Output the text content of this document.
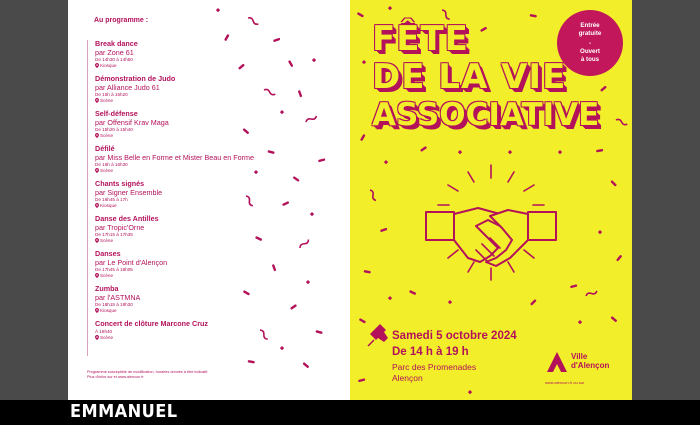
Au programme :
Break dance
par Zone 61
De 14h30 à 14h50
Kiosque
Démonstration de Judo
par Alliance Judo 61
De 15h à 15h20
Scène
Self-défense
par Offensif Krav Maga
De 15h20 à 15h40
Scène
Défilé
par Miss Belle en Forme et Mister Beau en Forme
De 16h à 16h30
Scène
Chants signés
par Signer Ensemble
De 16h45 à 17h
Kiosque
Danse des Antilles
par Tropic'Orne
De 17h15 à 17h35
Scène
Danses
par Le Point d'Alençon
De 17h45 à 18h05
Scène
Zumba
par l'ASTMNA
De 18h15 à 18h30
Kiosque
Concert de clôture Marcone Cruz
À 18h40
Scène
Programme susceptible de modification, horaires donnés à titre indicatif.
Plus d'infos sur et www.alencon.fr
Entrée
gratuite
-
Ouvert
à tous
FÊTE
DE LA VIE
ASSOCIATIVE
Samedi 5 octobre 2024
De 14 h à 19 h
Parc des Promenades
Alençon
Ville
d'Alençon
www.alencon.fr ou sur
EMMANUEL
